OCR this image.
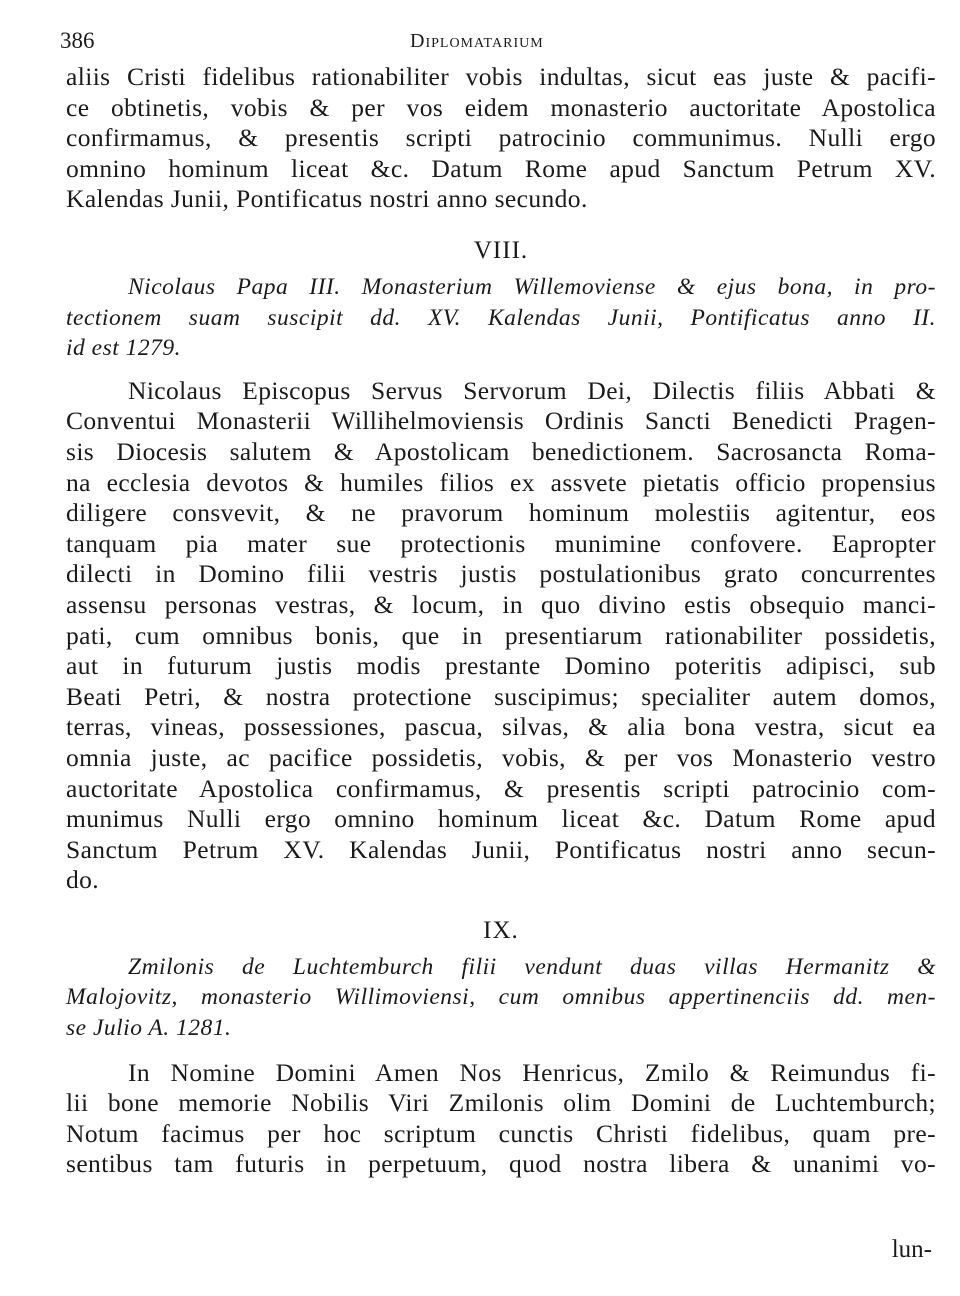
386	Diplomatarium

aliis Cristi fidelibus rationabiliter vobis indultas, sicut eas juste & pacifi-

ce obtinetis, vobis & per vos eidem monasterio auctoritate Apostolica

confirmamus, & presentis scripti patrocinio communimus. Nulli ergo

omnino hominum liceat &c. Datum Rome apud Sanctum Petrum XV.

Kalendas Junii, Pontificatus nostri anno secundo.

VIII.

Nicolaus Papa III. Monasterium Willemoviense & ejus bona, in pro-

tectionem suam suscipit dd. XV. Kalendas Junii, Pontificatus anno II.

id est 1279.

Nicolaus Episcopus Servus Servorum Dei, Dilectis filiis Abbati &

Conventui Monasterii Willihelmoviensis Ordinis Sancti Benedicti Pragen-

sis Diocesis salutem & Apostolicam benedictionem. Sacrosancta Roma-

na ecclesia devotos & humiles filios ex assvete pietatis officio propensius

diligere consvevit, & ne pravorum hominum molestiis agitentur, eos

tanquam pia mater sue protectionis munimine confovere. Eapropter

dilecti in Domino filii vestris justis postulationibus grato concurrentes

assensu personas vestras, & locum, in quo divino estis obsequio manci-

pati, cum omnibus bonis, que in presentiarum rationabiliter possidetis,

aut in futurum justis modis prestante Domino poteritis adipisci, sub

Beati Petri, & nostra protectione suscipimus; specialiter autem domos,

terras, vineas, possessiones, pascua, silvas, & alia bona vestra, sicut ea

omnia juste, ac pacifice possidetis, vobis, & per vos Monasterio vestro

auctoritate Apostolica confirmamus, & presentis scripti patrocinio com-

munimus Nulli ergo omnino hominum liceat &c. Datum Rome apud

Sanctum Petrum XV. Kalendas Junii, Pontificatus nostri anno secun-

do.

IX.

Zmilonis de Luchtemburch filii vendunt duas villas Hermanitz &

Malojovitz, monasterio Willimoviensi, cum omnibus appertinenciis dd. men-

se Julio A. 1281.

In Nomine Domini Amen Nos Henricus, Zmilo & Reimundus fi-

lii bone memorie Nobilis Viri Zmilonis olim Domini de Luchtemburch;

Notum facimus per hoc scriptum cunctis Christi fidelibus, quam pre-

sentibus tam futuris in perpetuum, quod nostra libera & unanimi vo-

lun-
